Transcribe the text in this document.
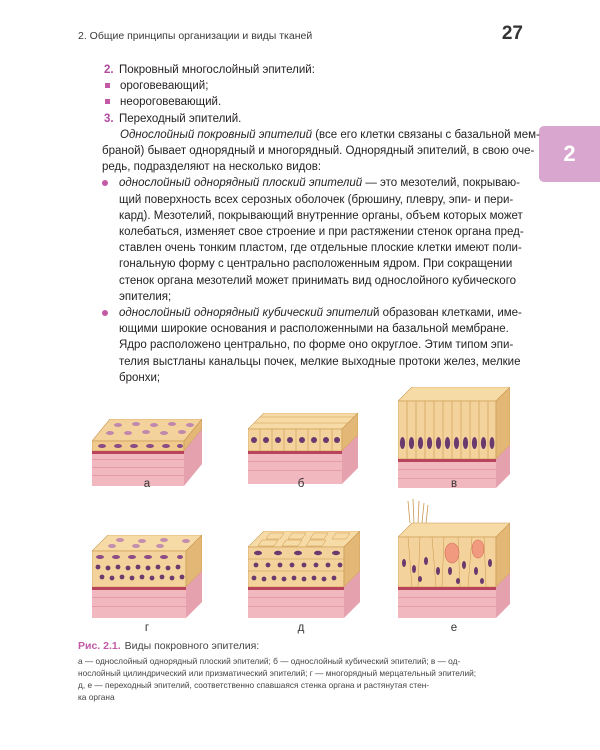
2. Общие принципы организации и виды тканей	27
2
2. Покровный многослойный эпителий:
ороговевающий;
неороговевающий.
3. Переходный эпителий.
Однослойный покровный эпителий (все его клетки связаны с базальной мем-
браной) бывает однорядный и многорядный. Однорядный эпителий, в свою оче-
редь, подразделяют на несколько видов:
однослойный однорядный плоский эпителий — это мезотелий, покрываю-
щий поверхность всех серозных оболочек (брюшину, плевру, эпи- и пери-
кард). Мезотелий, покрывающий внутренние органы, объем которых может
колебаться, изменяет свое строение и при растяжении стенок органа пред-
ставлен очень тонким пластом, где отдельные плоские клетки имеют поли-
гональную форму с центрально расположенным ядром. При сокращении
стенок органа мезотелий может принимать вид однослойного кубического
эпителия;
однослойный однорядный кубический эпителий образован клетками, име-
ющими широкие основания и расположенными на базальной мембране.
Ядро расположено центрально, по форме оно округлое. Этим типом эпи-
телия выстланы канальцы почек, мелкие выходные протоки желез, мелкие
бронхи;
а	б	в
г	д	е
Рис. 2.1. Виды покровного эпителия:
а — однослойный однорядный плоский эпителий; б — однослойный кубический эпителий; в — од-
нослойный цилиндрический или призматический эпителий; г — многорядный мерцательный эпителий;
д, е — переходный эпителий, соответственно спавшаяся стенка органа и растянутая стен-
ка органа
